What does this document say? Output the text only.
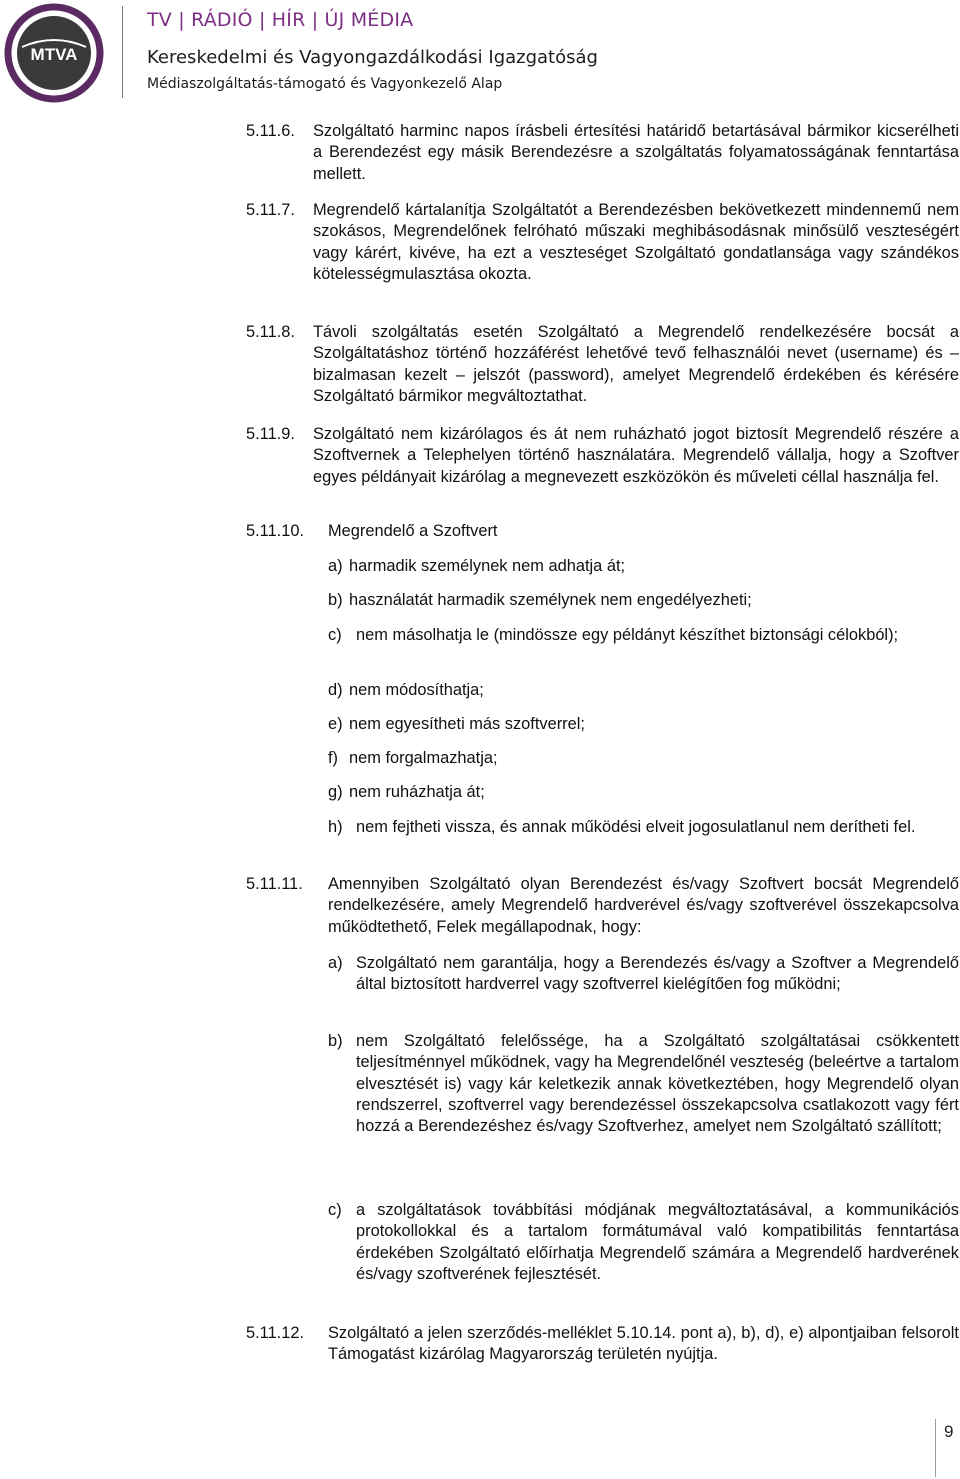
MTVA
TV | RÁDIÓ | HÍR | ÚJ MÉDIA
Kereskedelmi és Vagyongazdálkodási Igazgatóság
Médiaszolgáltatás-támogató és Vagyonkezelő Alap
5.11.6. Szolgáltató harminc napos írásbeli értesítési határidő betartásával bármikor kicserélheti a Berendezést egy másik Berendezésre a szolgáltatás folyamatosságának fenntartása mellett.
5.11.7. Megrendelő kártalanítja Szolgáltatót a Berendezésben bekövetkezett mindennemű nem szokásos, Megrendelőnek felróható műszaki meghibásodásnak minősülő veszteségért vagy kárért, kivéve, ha ezt a veszteséget Szolgáltató gondatlansága vagy szándékos kötelességmulasztása okozta.
5.11.8. Távoli szolgáltatás esetén Szolgáltató a Megrendelő rendelkezésére bocsát a Szolgáltatáshoz történő hozzáférést lehetővé tevő felhasználói nevet (username) és – bizalmasan kezelt – jelszót (password), amelyet Megrendelő érdekében és kérésére Szolgáltató bármikor megváltoztathat.
5.11.9. Szolgáltató nem kizárólagos és át nem ruházható jogot biztosít Megrendelő részére a Szoftvernek a Telephelyen történő használatára. Megrendelő vállalja, hogy a Szoftver egyes példányait kizárólag a megnevezett eszközökön és műveleti céllal használja fel.
5.11.10. Megrendelő a Szoftvert
a) harmadik személynek nem adhatja át;
b) használatát harmadik személynek nem engedélyezheti;
c) nem másolhatja le (mindössze egy példányt készíthet biztonsági célokból);
d) nem módosíthatja;
e) nem egyesítheti más szoftverrel;
f) nem forgalmazhatja;
g) nem ruházhatja át;
h) nem fejtheti vissza, és annak működési elveit jogosulatlanul nem derítheti fel.
5.11.11. Amennyiben Szolgáltató olyan Berendezést és/vagy Szoftvert bocsát Megrendelő rendelkezésére, amely Megrendelő hardverével és/vagy szoftverével összekapcsolva működtethető, Felek megállapodnak, hogy:
a) Szolgáltató nem garantálja, hogy a Berendezés és/vagy a Szoftver a Megrendelő által biztosított hardverrel vagy szoftverrel kielégítően fog működni;
b) nem Szolgáltató felelőssége, ha a Szolgáltató szolgáltatásai csökkentett teljesítménnyel működnek, vagy ha Megrendelőnél veszteség (beleértve a tartalom elvesztését is) vagy kár keletkezik annak következtében, hogy Megrendelő olyan rendszerrel, szoftverrel vagy berendezéssel összekapcsolva csatlakozott vagy fért hozzá a Berendezéshez és/vagy Szoftverhez, amelyet nem Szolgáltató szállított;
c) a szolgáltatások továbbítási módjának megváltoztatásával, a kommunikációs protokollokkal és a tartalom formátumával való kompatibilitás fenntartása érdekében Szolgáltató előírhatja Megrendelő számára a Megrendelő hardverének és/vagy szoftverének fejlesztését.
5.11.12. Szolgáltató a jelen szerződés-melléklet 5.10.14. pont a), b), d), e) alpontjaiban felsorolt Támogatást kizárólag Magyarország területén nyújtja.
9
